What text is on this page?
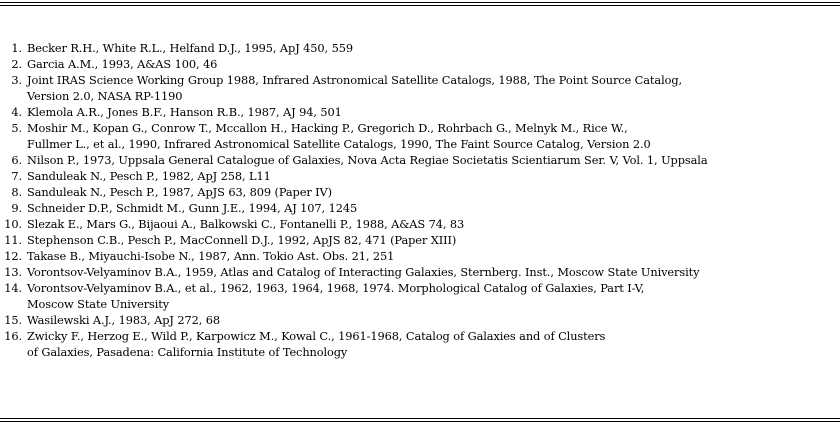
1. Becker R.H., White R.L., Helfand D.J., 1995, ApJ 450, 559
2. Garcia A.M., 1993, A&AS 100, 46
3. Joint IRAS Science Working Group 1988, Infrared Astronomical Satellite Catalogs, 1988, The Point Source Catalog,
Version 2.0, NASA RP-1190
4. Klemola A.R., Jones B.F., Hanson R.B., 1987, AJ 94, 501
5. Moshir M., Kopan G., Conrow T., Mccallon H., Hacking P., Gregorich D., Rohrbach G., Melnyk M., Rice W.,
Fullmer L., et al., 1990, Infrared Astronomical Satellite Catalogs, 1990, The Faint Source Catalog, Version 2.0
6. Nilson P., 1973, Uppsala General Catalogue of Galaxies, Nova Acta Regiae Societatis Scientiarum Ser. V, Vol. 1, Uppsala
7. Sanduleak N., Pesch P., 1982, ApJ 258, L11
8. Sanduleak N., Pesch P., 1987, ApJS 63, 809 (Paper IV)
9. Schneider D.P., Schmidt M., Gunn J.E., 1994, AJ 107, 1245
10. Slezak E., Mars G., Bijaoui A., Balkowski C., Fontanelli P., 1988, A&AS 74, 83
11. Stephenson C.B., Pesch P., MacConnell D.J., 1992, ApJS 82, 471 (Paper XIII)
12. Takase B., Miyauchi-Isobe N., 1987, Ann. Tokio Ast. Obs. 21, 251
13. Vorontsov-Velyaminov B.A., 1959, Atlas and Catalog of Interacting Galaxies, Sternberg. Inst., Moscow State University
14. Vorontsov-Velyaminov B.A., et al., 1962, 1963, 1964, 1968, 1974. Morphological Catalog of Galaxies, Part I-V,
Moscow State University
15. Wasilewski A.J., 1983, ApJ 272, 68
16. Zwicky F., Herzog E., Wild P., Karpowicz M., Kowal C., 1961-1968, Catalog of Galaxies and of Clusters
of Galaxies, Pasadena: California Institute of Technology
